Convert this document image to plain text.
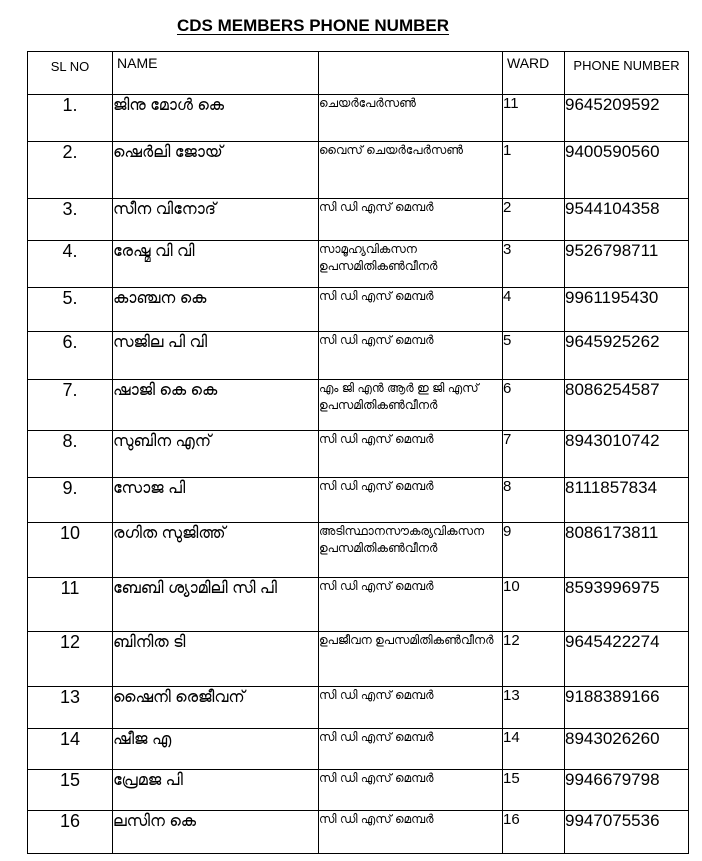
CDS MEMBERS PHONE NUMBER
SL NO	NAME		WARD	PHONE NUMBER

1.	ജിനു മോൾ കെ	ചെയർപേർസൺ	11	9645209592
2.	ഷെർലി ജോയ്	വൈസ് ചെയർപേർസൺ	1	9400590560
3.	സീന വിനോദ്	സി ഡി എസ് മെമ്പർ	2	9544104358
4.	രേഷ്മ വി വി	സാമൂഹ്യവികസന ഉപസമിതികൺവീനർ	3	9526798711
5.	കാഞ്ചന കെ	സി ഡി എസ് മെമ്പർ	4	9961195430
6.	സജില പി വി	സി ഡി എസ് മെമ്പർ	5	9645925262
7.	ഷാജി കെ കെ	എം ജി എൻ ആർ ഇ ജി എസ് ഉപസമിതികൺവീനർ	6	8086254587
8.	സുബിന എന്	സി ഡി എസ് മെമ്പർ	7	8943010742
9.	സോജ പി	സി ഡി എസ് മെമ്പർ	8	8111857834
10	രഗിത സുജിത്ത്	അടിസ്ഥാനസൗകര്യവികസന ഉപസമിതികൺവീനർ	9	8086173811
11	ബേബി ശ്യാമിലി സി പി	സി ഡി എസ് മെമ്പർ	10	8593996975
12	ബിനിത ടി	ഉപജീവന ഉപസമിതികൺവീനർ	12	9645422274
13	ഷൈനി രെജീവന്	സി ഡി എസ് മെമ്പർ	13	9188389166
14	ഷീജ എ	സി ഡി എസ് മെമ്പർ	14	8943026260
15	പ്രേമജ പി	സി ഡി എസ് മെമ്പർ	15	9946679798
16	ലസിന കെ	സി ഡി എസ് മെമ്പർ	16	9947075536
